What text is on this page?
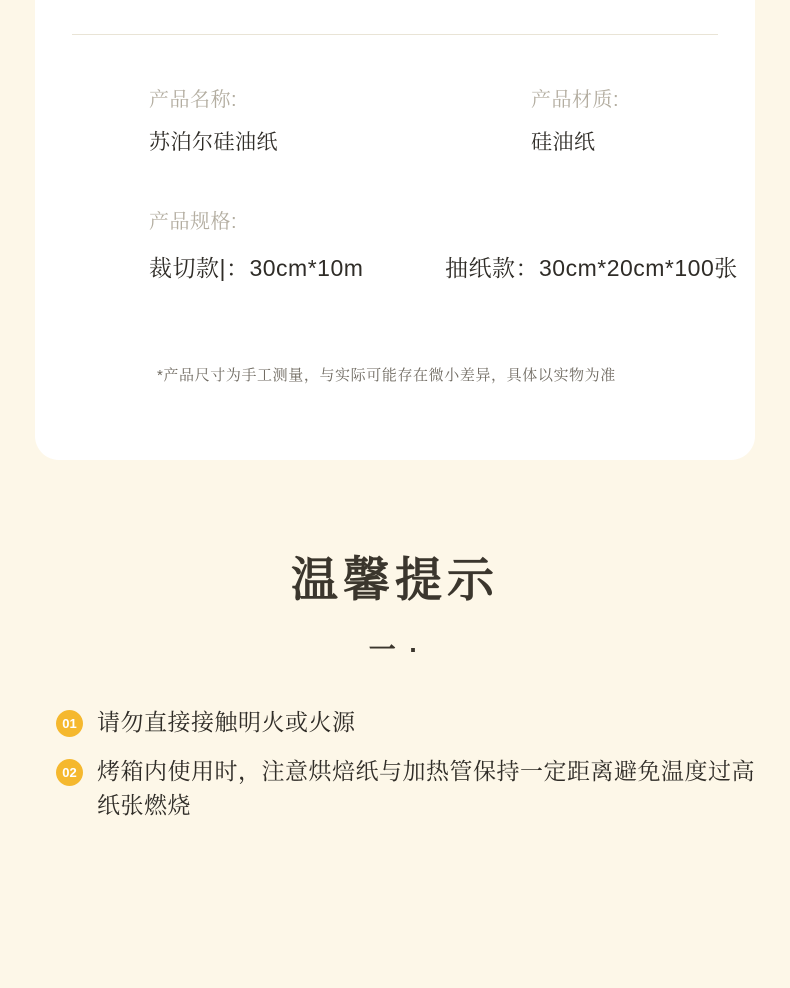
产品名称:
苏泊尔硅油纸
产品材质:
硅油纸
产品规格:
裁切款|：30cm*10m	抽纸款：30cm*20cm*100张
*产品尺寸为手工测量，与实际可能存在微小差异，具体以实物为准
温馨提示
一 ·
01 请勿直接接触明火或火源
02 烤箱内使用时，注意烘焙纸与加热管保持一定距离避免温度过高纸张燃烧
